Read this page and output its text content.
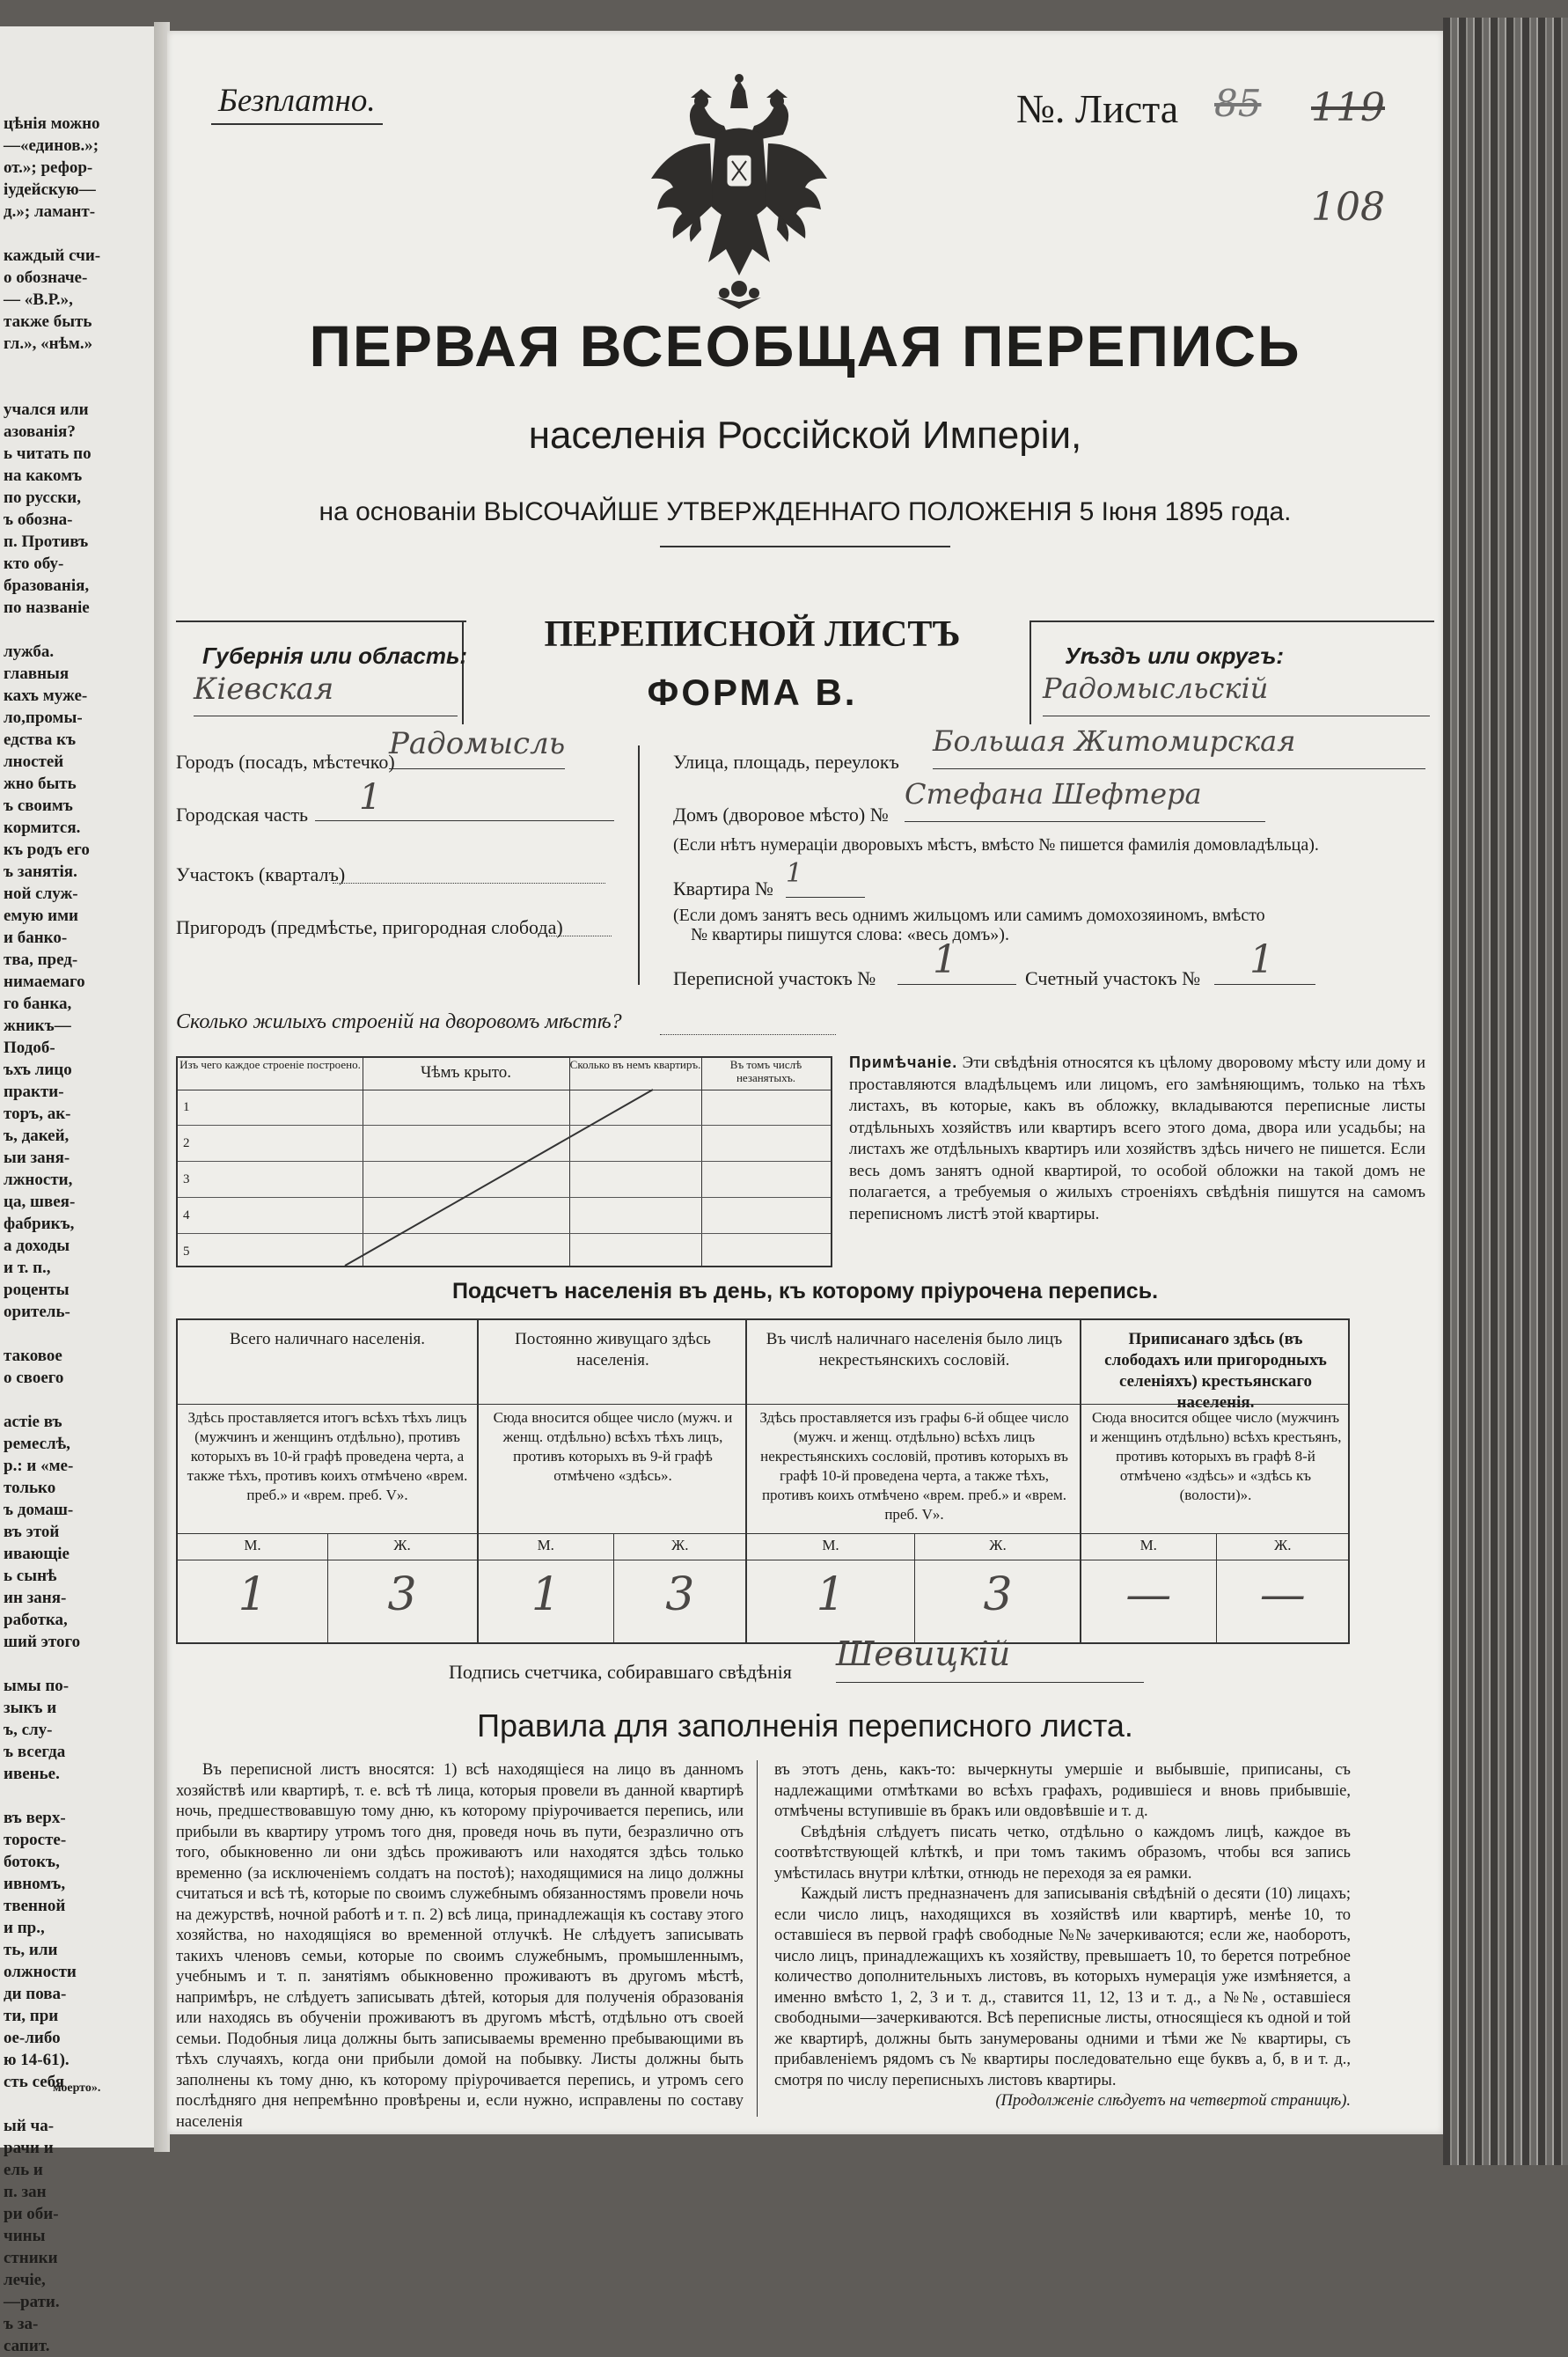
цѣнія можно
—«единов.»;
от.»; рефор-
іудейскую—
д.»; ламант-

каждый счи-
о обозначе-
— «В.Р.»,
также быть
гл.», «нѣм.»

учался или
азованія?
ь читать по
на какомъ
по русски,
ъ обозна-
п. Противъ
кто обу-
бразованія,
по названіе

лужба.
главныя
кахъ муже-
ло,промы-
едства къ
лностей
жно быть
ъ своимъ
кормится.
къ родъ его
ъ занятія.
ной служ-
емую ими
и банко-
тва, пред-
нимаемаго
го банка,
жникъ—
Подоб-
ъхъ лицо
практи-
торъ, ак-
ъ, дакей,
ыи заня-
лжности,
ца, швея-
фабрикъ,
а доходы
и т. п.,
роценты
оритель-

таковое
о своего

астіе въ
ремеслѣ,
р.: и «ме-
только
ъ домаш-
въ этой
ивающіе
ь сынѣ
ин заня-
работка,
ший этого

ымы по-
зыкъ и
ъ, слу-
ъ всегда
ивенье.

въ верх-
торосте-
ботокъ,
ивномъ,
твенной
и пр.,
ть, или
олжности
ди пова-
ти, при
ое-либо
ю 14-61).
сть себя

ый ча-
рачи и
ель и
п. зан
ри оби-
чины
стники
лечіе,
—рати.
ъ за-
сапит.
моерто».
Безплатно.	№. Листа 85 119
108
ПЕРВАЯ ВСЕОБЩАЯ ПЕРЕПИСЬ
населенія Россійской Имперіи,
на основаніи ВЫСОЧАЙШЕ УТВЕРЖДЕННАГО ПОЛОЖЕНІЯ 5 Іюня 1895 года.
Губернія или область:
Кіевская
ПЕРЕПИСНОЙ ЛИСТЪ
ФОРМА В.
Уѣздъ или округъ:
Радомысльскій
Городъ (посадъ, мѣстечко)
Радомысль
Городская часть	1
Участокъ (кварталъ)
Пригородъ (предмѣстье, пригородная слобода)
Улица, площадь, переулокъ
Большая Житомирская
Домъ (дворовое мѣсто) №
Стефана Шефтера
(Если нѣтъ нумераціи дворовыхъ мѣстъ, вмѣсто № пишется фамилія домовладѣльца).
Квартира № 1
(Если домъ занятъ весь однимъ жильцомъ или самимъ домохозяиномъ, вмѣсто
№ квартиры пишутся слова: «весь домъ»).
Переписной участокъ №	1	Счетный участокъ №	1
Сколько жилыхъ строеній на дворовомъ мѣстѣ?
Изъ чего каждое строеніе построено.	Чѣмъ крыто.	Сколько въ немъ квартиръ.	Въ томъ числѣ незанятыхъ.
1
2
3
4
5
Примѣчаніе. Эти свѣдѣнія относятся къ цѣлому дворовому мѣсту или дому и проставляются владѣльцемъ или лицомъ, его замѣняющимъ, только на тѣхъ листахъ, въ которые, какъ въ обложку, вкладываются переписные листы отдѣльныхъ хозяйствъ или квартиръ всего этого дома, двора или усадьбы; на листахъ же отдѣльныхъ квартиръ или хозяйствъ здѣсь ничего не пишется. Если весь домъ занятъ одной квартирой, то особой обложки на такой домъ не полагается, а требуемыя о жилыхъ строеніяхъ свѣдѣнія пишутся на самомъ переписномъ листѣ этой квартиры.
Подсчетъ населенія въ день, къ которому пріурочена перепись.
Всего наличнаго населенія.
Здѣсь проставляется итогъ всѣхъ тѣхъ лицъ (мужчинъ и женщинъ отдѣльно), противъ которыхъ въ 10-й графѣ проведена черта, а также тѣхъ, противъ коихъ отмѣчено «врем. преб.» и «врем. преб. V».
М.	Ж.
1	3
Постоянно живущаго здѣсь населенія.
Сюда вносится общее число (мужч. и женщ. отдѣльно) всѣхъ тѣхъ лицъ, противъ которыхъ въ 9-й графѣ отмѣчено «здѣсь».
М.	Ж.
1	3
Въ числѣ наличнаго населенія было лицъ некрестьянскихъ сословій.
Здѣсь проставляется изъ графы 6-й общее число (мужч. и женщ. отдѣльно) всѣхъ лицъ некрестьянскихъ сословій, противъ которыхъ въ графѣ 10-й проведена черта, а также тѣхъ, противъ коихъ отмѣчено «врем. преб.» и «врем. преб. V».
М.	Ж.
1	3
Приписанаго здѣсь (въ слободахъ или пригородныхъ селеніяхъ) крестьянскаго населенія.
Сюда вносится общее число (мужчинъ и женщинъ отдѣльно) всѣхъ крестьянъ, противъ которыхъ въ графѣ 8-й отмѣчено «здѣсь» и «здѣсь къ (волости)».
М.	Ж.
—	—
Подпись счетчика, собиравшаго свѣдѣнія Шевицкій
Правила для заполненія переписного листа.
Въ переписной листъ вносятся: 1) всѣ находящіеся на лицо въ данномъ хозяйствѣ или квартирѣ, т. е. всѣ тѣ лица, которыя провели въ данной квартирѣ ночь, предшествовавшую тому дню, къ которому пріурочивается перепись, или прибыли въ квартиру утромъ того дня, проведя ночь въ пути, безразлично отъ того, обыкновенно ли они здѣсь проживаютъ или находятся здѣсь только временно (за исключеніемъ солдатъ на постоѣ); находящимися на лицо должны считаться и всѣ тѣ, которые по своимъ служебнымъ обязанностямъ провели ночь на дежурствѣ, ночной работѣ и т. п. 2) всѣ лица, принадлежащія къ составу этого хозяйства, но находящіяся во временной отлучкѣ. Не слѣдуетъ записывать такихъ членовъ семьи, которые по своимъ служебнымъ, промышленнымъ, учебнымъ и т. п. занятіямъ обыкновенно проживаютъ въ другомъ мѣстѣ, напримѣръ, не слѣдуетъ записывать дѣтей, которыя для полученія образованія или находясь въ обученіи проживаютъ въ другомъ мѣстѣ, отдѣльно отъ своей семьи. Подобныя лица должны быть записываемы временно пребывающими въ тѣхъ случаяхъ, когда они прибыли домой на побывку. Листы должны быть заполнены къ тому дню, къ которому пріурочивается перепись, и утромъ сего послѣдняго дня непремѣнно провѣрены и, если нужно, исправлены по составу населенія
въ этотъ день, какъ-то: вычеркнуты умершіе и выбывшіе, приписаны, съ надлежащими отмѣтками во всѣхъ графахъ, родившіеся и вновь прибывшіе, отмѣчены вступившіе въ бракъ или овдовѣвшіе и т. д.
Свѣдѣнія слѣдуетъ писать четко, отдѣльно о каждомъ лицѣ, каждое въ соотвѣтствующей клѣткѣ, и при томъ такимъ образомъ, чтобы вся запись умѣстилась внутри клѣтки, отнюдь не переходя за ея рамки.
Каждый листъ предназначенъ для записыванія свѣдѣній о десяти (10) лицахъ; если число лицъ, находящихся въ хозяйствѣ или квартирѣ, менѣе 10, то оставшіеся въ первой графѣ свободные №№ зачеркиваются; если же, наоборотъ, число лицъ, принадлежащихъ къ хозяйству, превышаетъ 10, то берется потребное количество дополнительныхъ листовъ, въ которыхъ нумерація уже измѣняется, а именно вмѣсто 1, 2, 3 и т. д., ставится 11, 12, 13 и т. д., а №№, оставшіеся свободными—зачеркиваются. Всѣ переписные листы, относящіеся къ одной и той же квартирѣ, должны быть занумерованы одними и тѣми же № квартиры, съ прибавленіемъ рядомъ съ № квартиры последовательно еще буквъ а, б, в и т. д., смотря по числу переписныхъ листовъ квартиры.
(Продолженіе слѣдуетъ на четвертой страницѣ).
